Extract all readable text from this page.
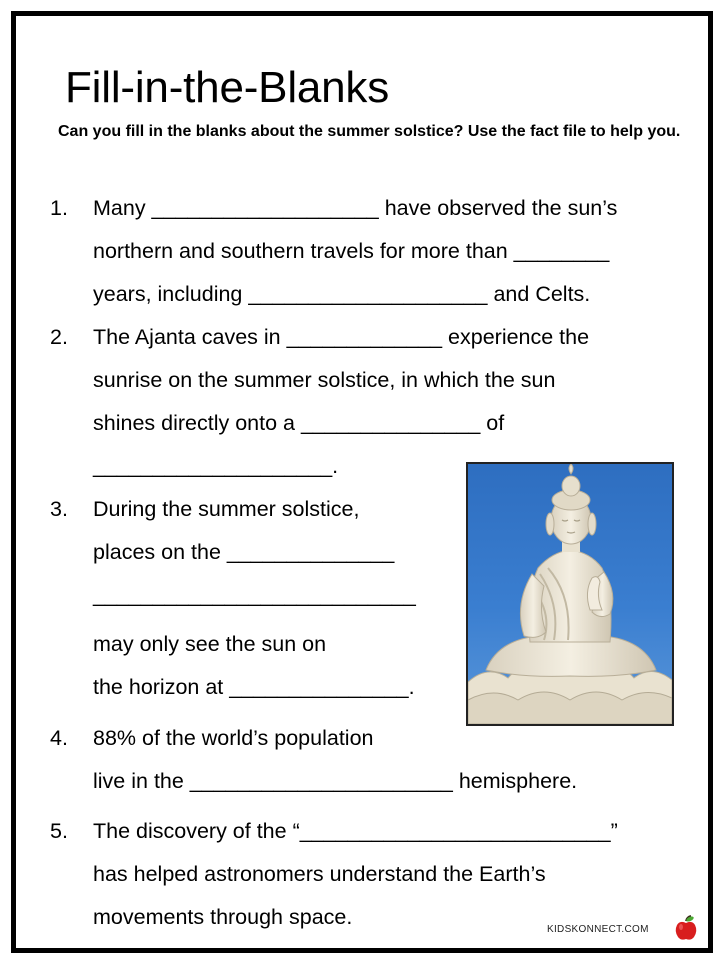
Fill-in-the-Blanks
Can you fill in the blanks about the summer solstice? Use the fact file to help you.
1. Many ___________________ have observed the sun’s
northern and southern travels for more than ________
years, including ____________________ and Celts.
2. The Ajanta caves in _____________ experience the
sunrise on the summer solstice, in which the sun
shines directly onto a _______________ of
____________________.
3. During the summer solstice,
places on the ______________
___________________________
may only see the sun on
the horizon at _______________.
4. 88% of the world’s population
live in the ______________________ hemisphere.
5. The discovery of the “__________________________”
has helped astronomers understand the Earth’s
movements through space.
KIDSKONNECT.COM
